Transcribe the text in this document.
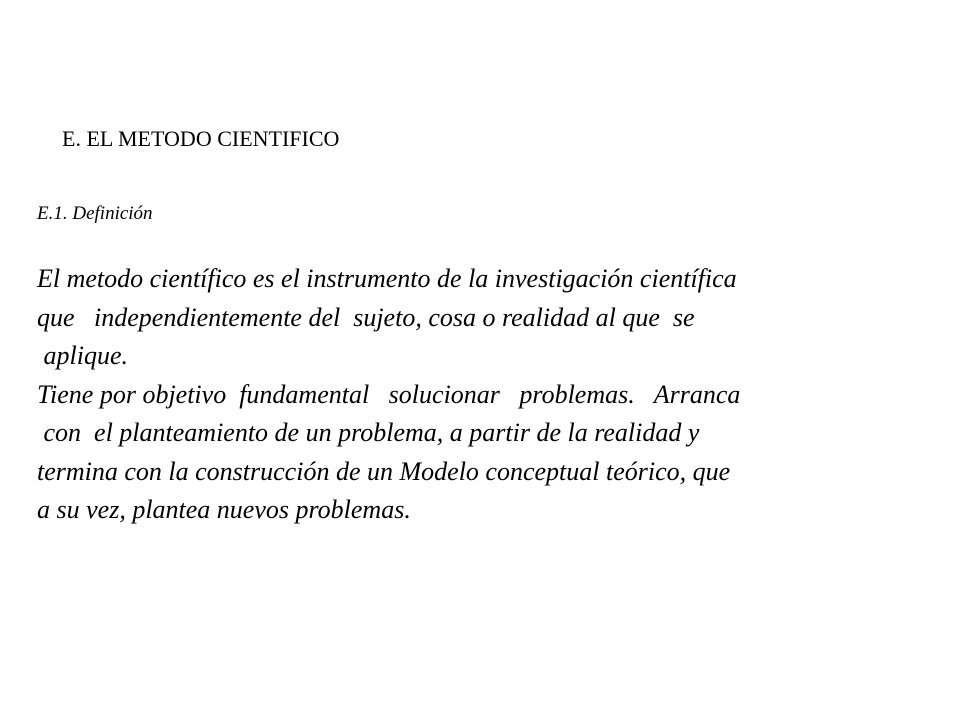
E. EL METODO CIENTIFICO
E.1. Definición
El metodo científico es el instrumento de la investigación científica
que   independientemente del  sujeto, cosa o realidad al que  se
aplique.
Tiene por objetivo  fundamental   solucionar   problemas.   Arranca
con  el planteamiento de un problema, a partir de la realidad y
termina con la construcción de un Modelo conceptual teórico, que
a su vez, plantea nuevos problemas.
